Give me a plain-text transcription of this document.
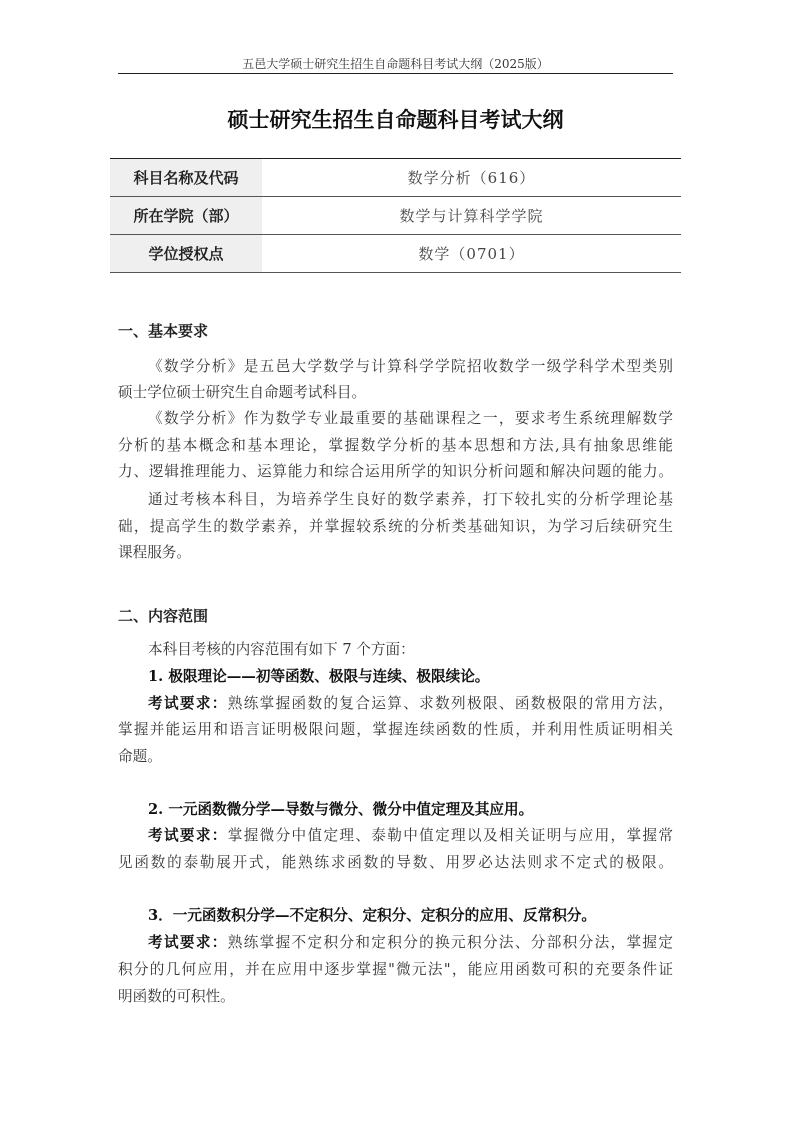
五邑大学硕士研究生招生自命题科目考试大纲（2025版）
硕士研究生招生自命题科目考试大纲
科目名称及代码	数学分析（616）
所在学院（部）	数学与计算科学学院
学位授权点	数学（0701）
一、基本要求
《数学分析》是五邑大学数学与计算科学学院招收数学一级学科学术型类别
硕士学位硕士研究生自命题考试科目。
《数学分析》作为数学专业最重要的基础课程之一，要求考生系统理解数学
分析的基本概念和基本理论，掌握数学分析的基本思想和方法,具有抽象思维能
力、逻辑推理能力、运算能力和综合运用所学的知识分析问题和解决问题的能力。
通过考核本科目，为培养学生良好的数学素养，打下较扎实的分析学理论基
础，提高学生的数学素养，并掌握较系统的分析类基础知识，为学习后续研究生
课程服务。
二、内容范围
本科目考核的内容范围有如下 7 个方面：
1. 极限理论——初等函数、极限与连续、极限续论。
考试要求：熟练掌握函数的复合运算、求数列极限、函数极限的常用方法，
掌握并能运用和语言证明极限问题，掌握连续函数的性质，并利用性质证明相关
命题。
2. 一元函数微分学—导数与微分、微分中值定理及其应用。
考试要求：掌握微分中值定理、泰勒中值定理以及相关证明与应用，掌握常
见函数的泰勒展开式，能熟练求函数的导数、用罗必达法则求不定式的极限。
3．一元函数积分学—不定积分、定积分、定积分的应用、反常积分。
考试要求：熟练掌握不定积分和定积分的换元积分法、分部积分法，掌握定
积分的几何应用，并在应用中逐步掌握"微元法"，能应用函数可积的充要条件证
明函数的可积性。
